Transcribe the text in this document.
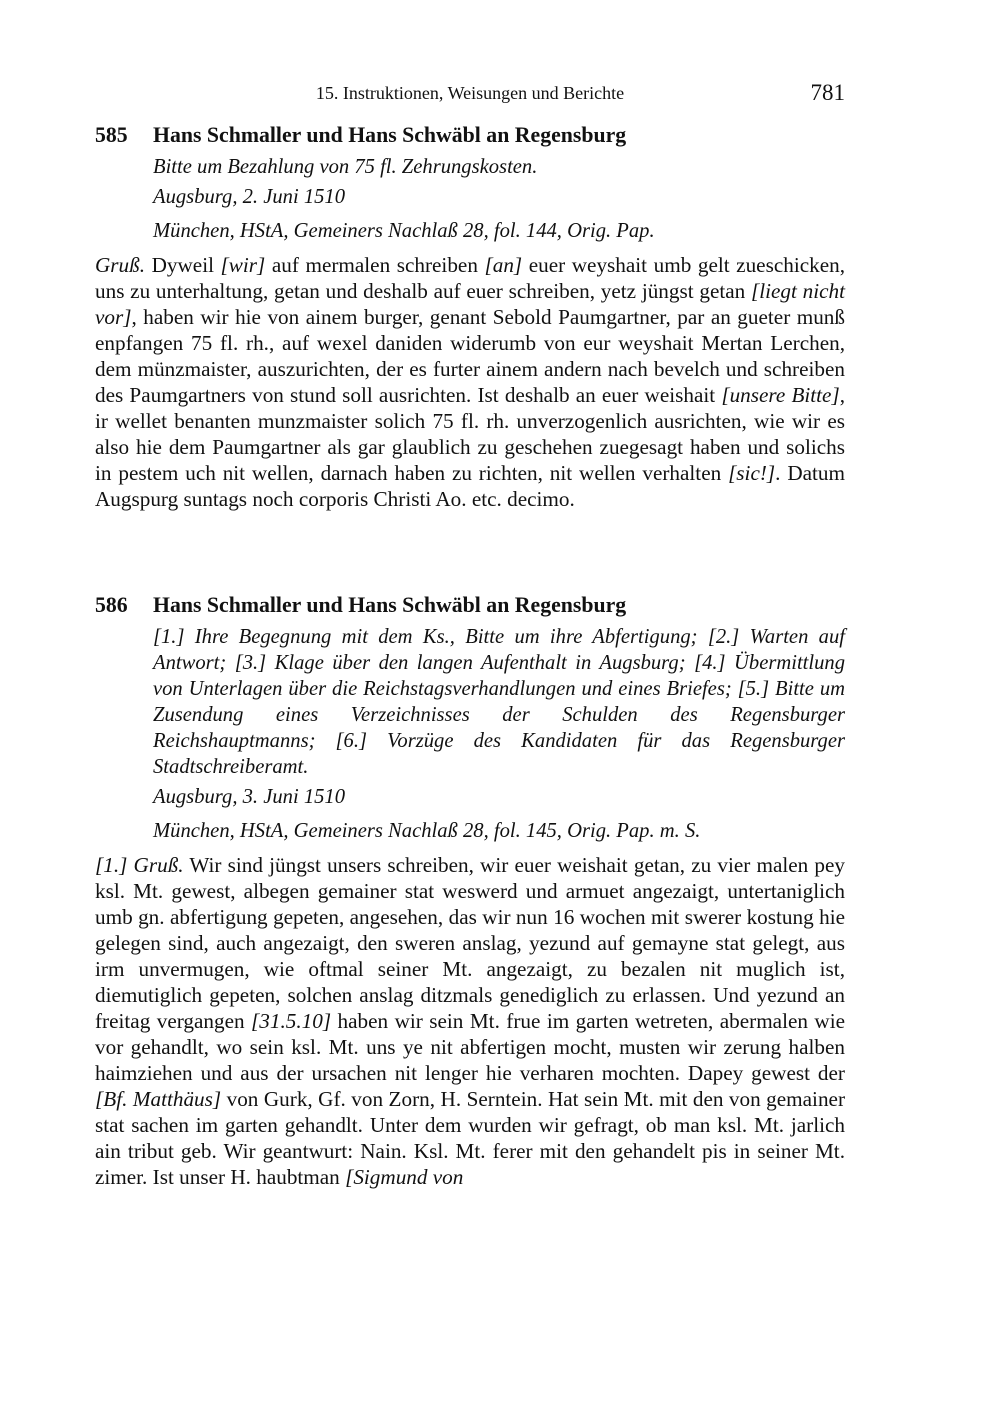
15. Instruktionen, Weisungen und Berichte	781
585 Hans Schmaller und Hans Schwäbl an Regensburg
Bitte um Bezahlung von 75 fl. Zehrungskosten.
Augsburg, 2. Juni 1510
München, HStA, Gemeiners Nachlaß 28, fol. 144, Orig. Pap.
Gruß. Dyweil [wir] auf mermalen schreiben [an] euer weyshait umb gelt zueschicken, uns zu unterhaltung, getan und deshalb auf euer schreiben, yetz jüngst getan [liegt nicht vor], haben wir hie von ainem burger, genant Sebold Paumgartner, par an gueter munß enpfangen 75 fl. rh., auf wexel daniden widerumb von eur weyshait Mertan Lerchen, dem münzmaister, auszurichten, der es furter ainem andern nach bevelch und schreiben des Paumgartners von stund soll ausrichten. Ist deshalb an euer weishait [unsere Bitte], ir wellet benanten munzmaister solich 75 fl. rh. unverzogenlich ausrichten, wie wir es also hie dem Paumgartner als gar glaublich zu geschehen zuegesagt haben und solichs in pestem uch nit wellen, darnach haben zu richten, nit wellen verhalten [sic!]. Datum Augspurg suntags noch corporis Christi Ao. etc. decimo.
586 Hans Schmaller und Hans Schwäbl an Regensburg
[1.] Ihre Begegnung mit dem Ks., Bitte um ihre Abfertigung; [2.] Warten auf Antwort; [3.] Klage über den langen Aufenthalt in Augsburg; [4.] Übermittlung von Unterlagen über die Reichstagsverhandlungen und eines Briefes; [5.] Bitte um Zusendung eines Verzeichnisses der Schulden des Regensburger Reichshauptmanns; [6.] Vorzüge des Kandidaten für das Regensburger Stadtschreiberamt.
Augsburg, 3. Juni 1510
München, HStA, Gemeiners Nachlaß 28, fol. 145, Orig. Pap. m. S.
[1.] Gruß. Wir sind jüngst unsers schreiben, wir euer weishait getan, zu vier malen pey ksl. Mt. gewest, albegen gemainer stat weswerd und armuet angezaigt, untertaniglich umb gn. abfertigung gepeten, angesehen, das wir nun 16 wochen mit swerer kostung hie gelegen sind, auch angezaigt, den sweren anslag, yezund auf gemayne stat gelegt, aus irm unvermugen, wie oftmal seiner Mt. angezaigt, zu bezalen nit muglich ist, diemutiglich gepeten, solchen anslag ditzmals genediglich zu erlassen. Und yezund an freitag vergangen [31.5.10] haben wir sein Mt. frue im garten wetreten, abermalen wie vor gehandlt, wo sein ksl. Mt. uns ye nit abfertigen mocht, musten wir zerung halben haimziehen und aus der ursachen nit lenger hie verharen mochten. Dapey gewest der [Bf. Matthäus] von Gurk, Gf. von Zorn, H. Serntein. Hat sein Mt. mit den von gemainer stat sachen im garten gehandlt. Unter dem wurden wir gefragt, ob man ksl. Mt. jarlich ain tribut geb. Wir geantwurt: Nain. Ksl. Mt. ferer mit den gehandelt pis in seiner Mt. zimer. Ist unser H. haubtman [Sigmund von
